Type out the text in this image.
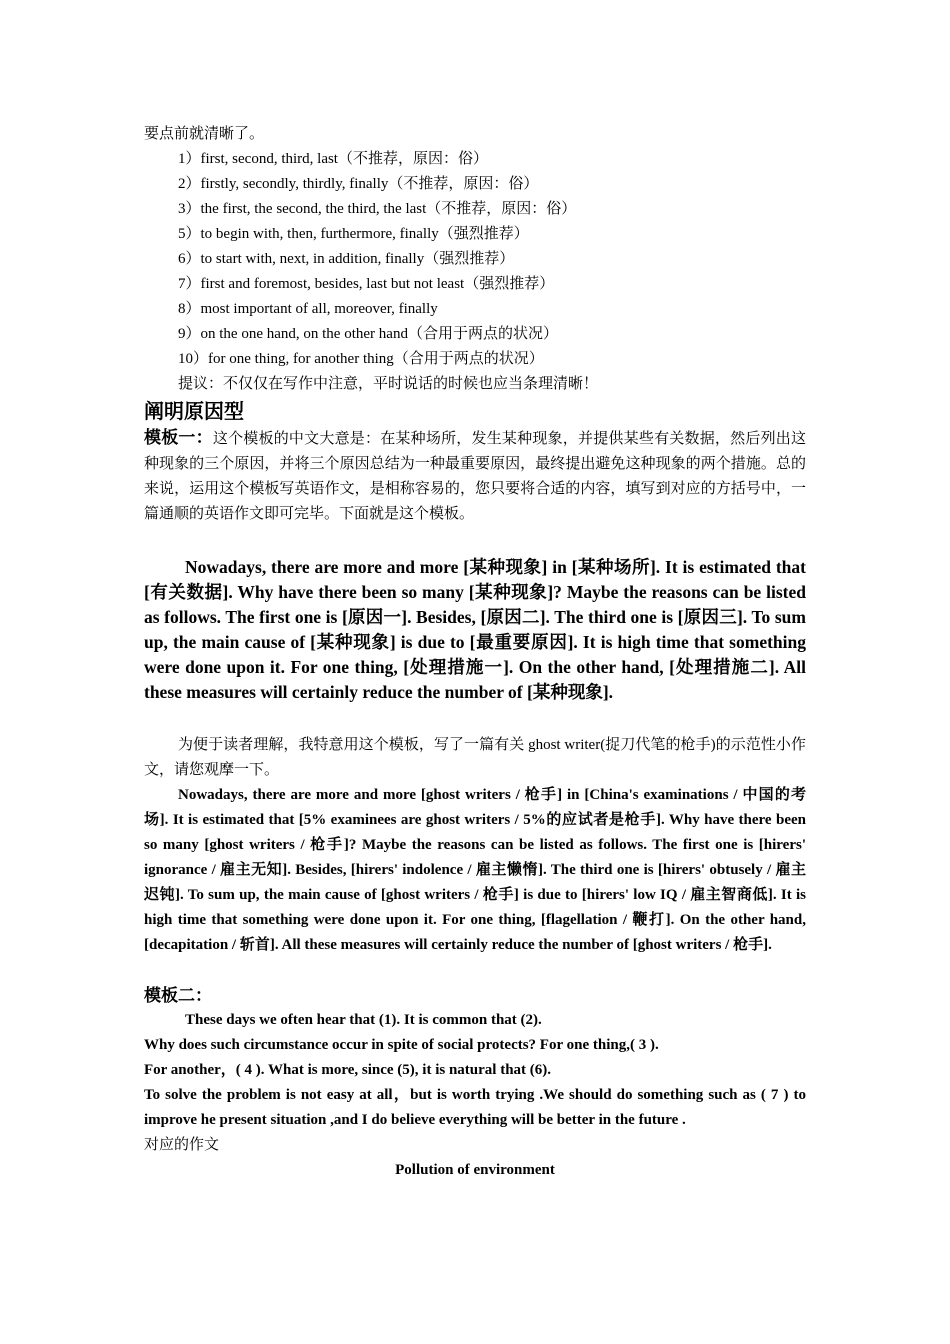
要点前就清晰了。
1）first, second, third, last（不推荐，原因：俗）
2）firstly, secondly, thirdly, finally（不推荐，原因：俗）
3）the first, the second, the third, the last（不推荐，原因：俗）
5）to begin with, then, furthermore, finally（强烈推荐）
6）to start with, next, in addition, finally（强烈推荐）
7）first and foremost, besides, last but not least（强烈推荐）
8）most important of all, moreover, finally
9）on the one hand, on the other hand（合用于两点的状况）
10）for one thing, for another thing（合用于两点的状况）
提议：不仅仅在写作中注意，平时说话的时候也应当条理清晰！
阐明原因型
模板一：这个模板的中文大意是：在某种场所，发生某种现象，并提供某些有关数据，然后列出这种现象的三个原因，并将三个原因总结为一种最重要原因，最终提出避免这种现象的两个措施。总的来说，运用这个模板写英语作文，是相称容易的，您只要将合适的内容，填写到对应的方括号中，一篇通顺的英语作文即可完毕。下面就是这个模板。
Nowadays, there are more and more [某种现象] in [某种场所]. It is estimated that [有关数据]. Why have there been so many [某种现象]? Maybe the reasons can be listed as follows. The first one is [原因一]. Besides, [原因二]. The third one is [原因三]. To sum up, the main cause of [某种现象] is due to [最重要原因]. It is high time that something were done upon it. For one thing, [处理措施一]. On the other hand, [处理措施二]. All these measures will certainly reduce the number of [某种现象].
为便于读者理解，我特意用这个模板，写了一篇有关 ghost writer(捉刀代笔的枪手)的示范性小作文，请您观摩一下。
Nowadays, there are more and more [ghost writers / 枪手] in [China's examinations / 中国的考场]. It is estimated that [5% examinees are ghost writers / 5%的应试者是枪手]. Why have there been so many [ghost writers / 枪手]? Maybe the reasons can be listed as follows. The first one is [hirers' ignorance / 雇主无知]. Besides, [hirers' indolence / 雇主懒惰]. The third one is [hirers' obtusely / 雇主迟钝]. To sum up, the main cause of [ghost writers / 枪手] is due to [hirers' low IQ / 雇主智商低]. It is high time that something were done upon it. For one thing, [flagellation / 鞭打]. On the other hand, [decapitation / 斩首]. All these measures will certainly reduce the number of [ghost writers / 枪手].
模板二：
These days we often hear that (1). It is common that (2).
Why does such circumstance occur in spite of social protects? For one thing,( 3 ).
For another，( 4 ). What is more, since (5), it is natural that (6).
To solve the problem is not easy at all，but is worth trying .We should do something such as ( 7 ) to improve he present situation ,and I do believe everything will be better in the future .
对应的作文
Pollution of environment
